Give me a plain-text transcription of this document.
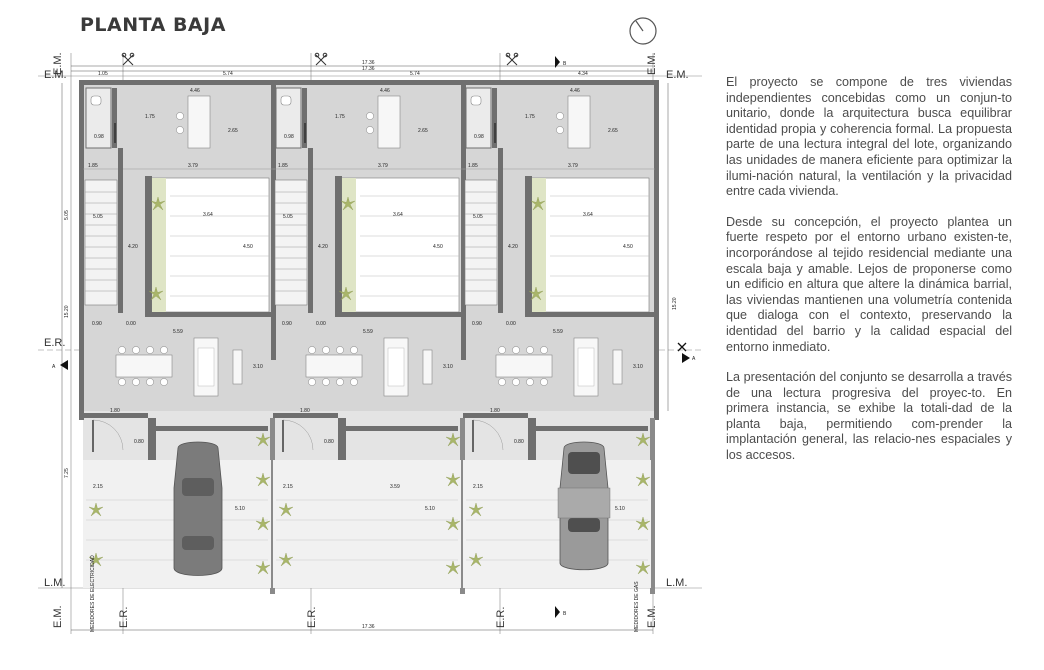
PLANTA BAJA
17.36
17.36
1.05	5.74	5.74	4.34
0.98
4.46
1.75
2.65
1.85	3.79
5.05
4.20
3.64
4.50
0.90	0.00
5.59
3.10
1.80
0.80
2.15
5.10
5.05
15.20
7.25
15.20
17.36
E.M.
E.M.	E.M. E.M.
E.R.
L.M.	L.M.
E.M.	E.R.	E.R.	E.R.	E.M.
MEDIDORES DE ELECTRICIDAD	MEDIDORES DE GAS
B
B
A
A

El proyecto se compone de tres viviendas independientes concebidas como un conjun-to unitario, donde la arquitectura busca equilibrar identidad propia y coherencia formal. La propuesta parte de una lectura integral del lote, organizando las unidades de manera eficiente para optimizar la ilumi-nación natural, la ventilación y la privacidad entre cada vivienda.

Desde su concepción, el proyecto plantea un fuerte respeto por el entorno urbano existen-te, incorporándose al tejido residencial mediante una escala baja y amable. Lejos de proponerse como un edificio en altura que altere la dinámica barrial, las viviendas mantienen una volumetría contenida que dialoga con el contexto, preservando la identidad del barrio y la calidad espacial del entorno inmediato.

La presentación del conjunto se desarrolla a través de una lectura progresiva del proyec-to. En primera instancia, se exhibe la totali-dad de la planta baja, permitiendo com-prender la implantación general, las relacio-nes espaciales y los accesos.
